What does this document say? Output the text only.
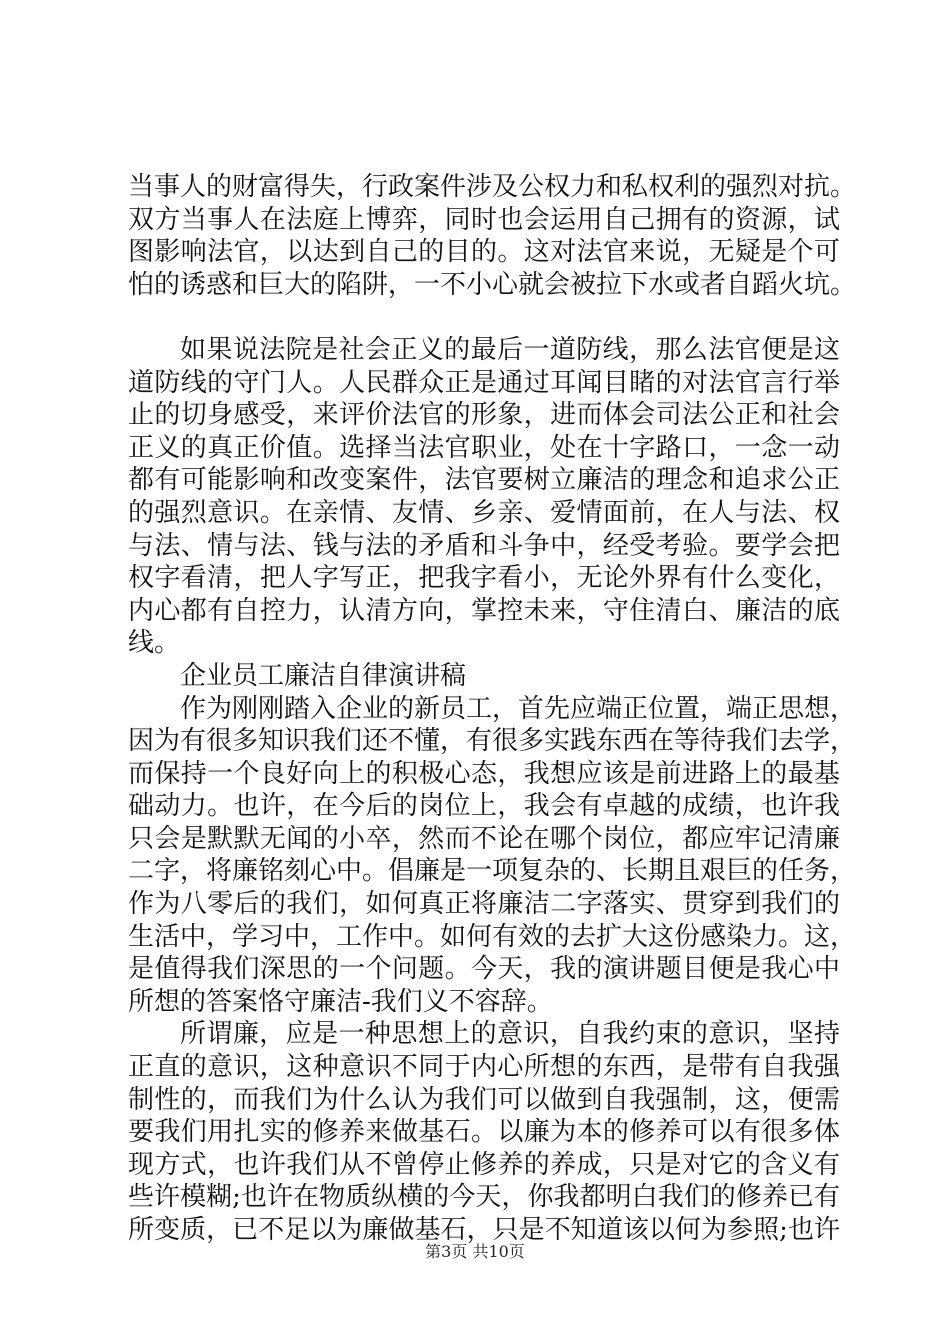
当事人的财富得失，行政案件涉及公权力和私权利的强烈对抗。
双方当事人在法庭上博弈，同时也会运用自己拥有的资源，试
图影响法官，以达到自己的目的。这对法官来说，无疑是个可
怕的诱惑和巨大的陷阱，一不小心就会被拉下水或者自蹈火坑。
如果说法院是社会正义的最后一道防线，那么法官便是这
道防线的守门人。人民群众正是通过耳闻目睹的对法官言行举
止的切身感受，来评价法官的形象，进而体会司法公正和社会
正义的真正价值。选择当法官职业，处在十字路口，一念一动
都有可能影响和改变案件，法官要树立廉洁的理念和追求公正
的强烈意识。在亲情、友情、乡亲、爱情面前，在人与法、权
与法、情与法、钱与法的矛盾和斗争中，经受考验。要学会把
权字看清，把人字写正，把我字看小，无论外界有什么变化，
内心都有自控力，认清方向，掌控未来，守住清白、廉洁的底
线。
企业员工廉洁自律演讲稿
作为刚刚踏入企业的新员工，首先应端正位置，端正思想，
因为有很多知识我们还不懂，有很多实践东西在等待我们去学，
而保持一个良好向上的积极心态，我想应该是前进路上的最基
础动力。也许，在今后的岗位上，我会有卓越的成绩，也许我
只会是默默无闻的小卒，然而不论在哪个岗位，都应牢记清廉
二字，将廉铭刻心中。倡廉是一项复杂的、长期且艰巨的任务，
作为八零后的我们，如何真正将廉洁二字落实、贯穿到我们的
生活中，学习中，工作中。如何有效的去扩大这份感染力。这，
是值得我们深思的一个问题。今天，我的演讲题目便是我心中
所想的答案恪守廉洁-我们义不容辞。
所谓廉，应是一种思想上的意识，自我约束的意识，坚持
正直的意识，这种意识不同于内心所想的东西，是带有自我强
制性的，而我们为什么认为我们可以做到自我强制，这，便需
要我们用扎实的修养来做基石。以廉为本的修养可以有很多体
现方式，也许我们从不曾停止修养的养成，只是对它的含义有
些许模糊;也许在物质纵横的今天，你我都明白我们的修养已有
所变质，已不足以为廉做基石，只是不知道该以何为参照;也许
第3页 共10页
